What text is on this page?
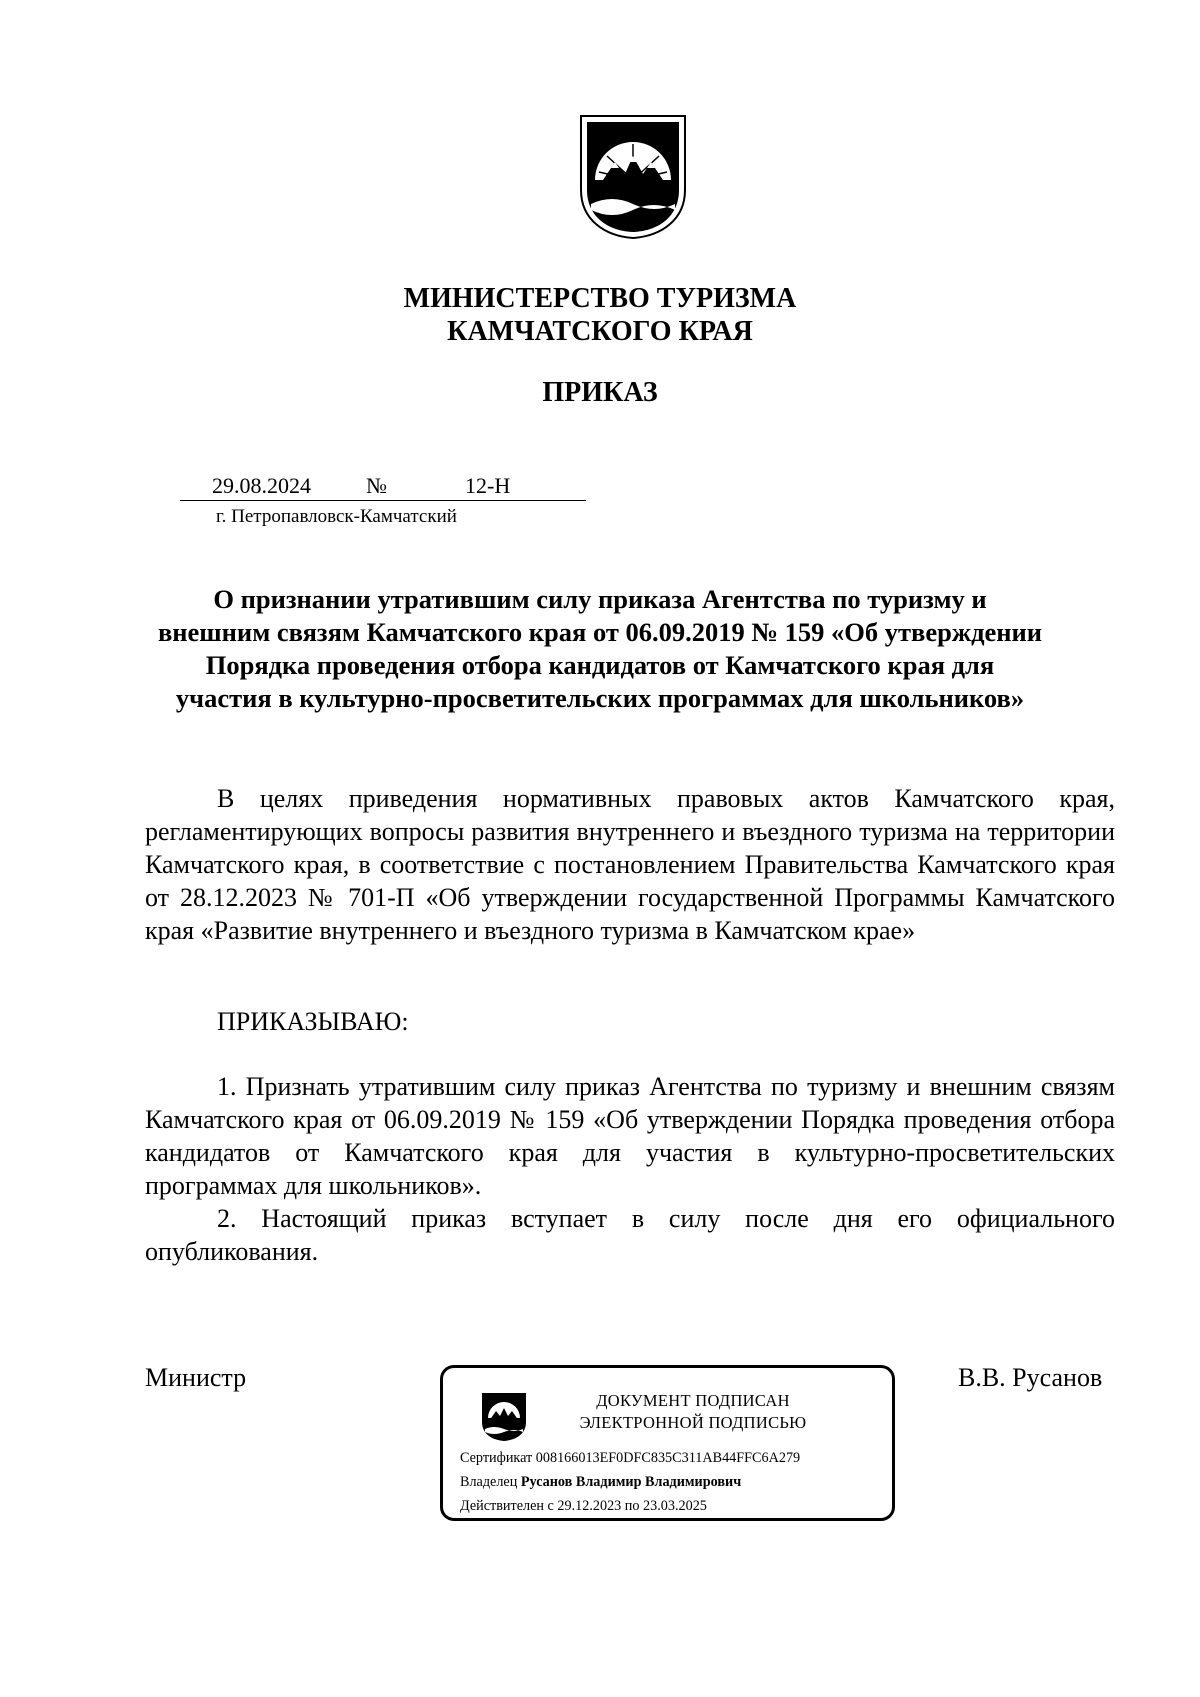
МИНИСТЕРСТВО ТУРИЗМА
КАМЧАТСКОГО КРАЯ
ПРИКАЗ
29.08.2024	№	12-Н
г. Петропавловск-Камчатский
О признании утратившим силу приказа Агентства по туризму и
внешним связям Камчатского края от 06.09.2019 № 159 «Об утверждении
Порядка проведения отбора кандидатов от Камчатского края для
участия в культурно-просветительских программах для школьников»

В целях приведения нормативных правовых актов Камчатского края, регламентирующих вопросы развития внутреннего и въездного туризма на территории Камчатского края, в соответствие с постановлением Правительства Камчатского края от 28.12.2023 № 701-П «Об утверждении государственной Программы Камчатского края «Развитие внутреннего и въездного туризма в Камчатском крае»

ПРИКАЗЫВАЮ:

1. Признать утратившим силу приказ Агентства по туризму и внешним связям Камчатского края от 06.09.2019 № 159 «Об утверждении Порядка проведения отбора кандидатов от Камчатского края для участия в культурно-просветительских программах для школьников».

2. Настоящий приказ вступает в силу после дня его официального опубликования.

Министр	В.В. Русанов
ДОКУМЕНТ ПОДПИСАН
ЭЛЕКТРОННОЙ ПОДПИСЬЮ
Сертификат 008166013EF0DFC835C311AB44FFC6A279
Владелец Русанов Владимир Владимирович
Действителен с 29.12.2023 по 23.03.2025
